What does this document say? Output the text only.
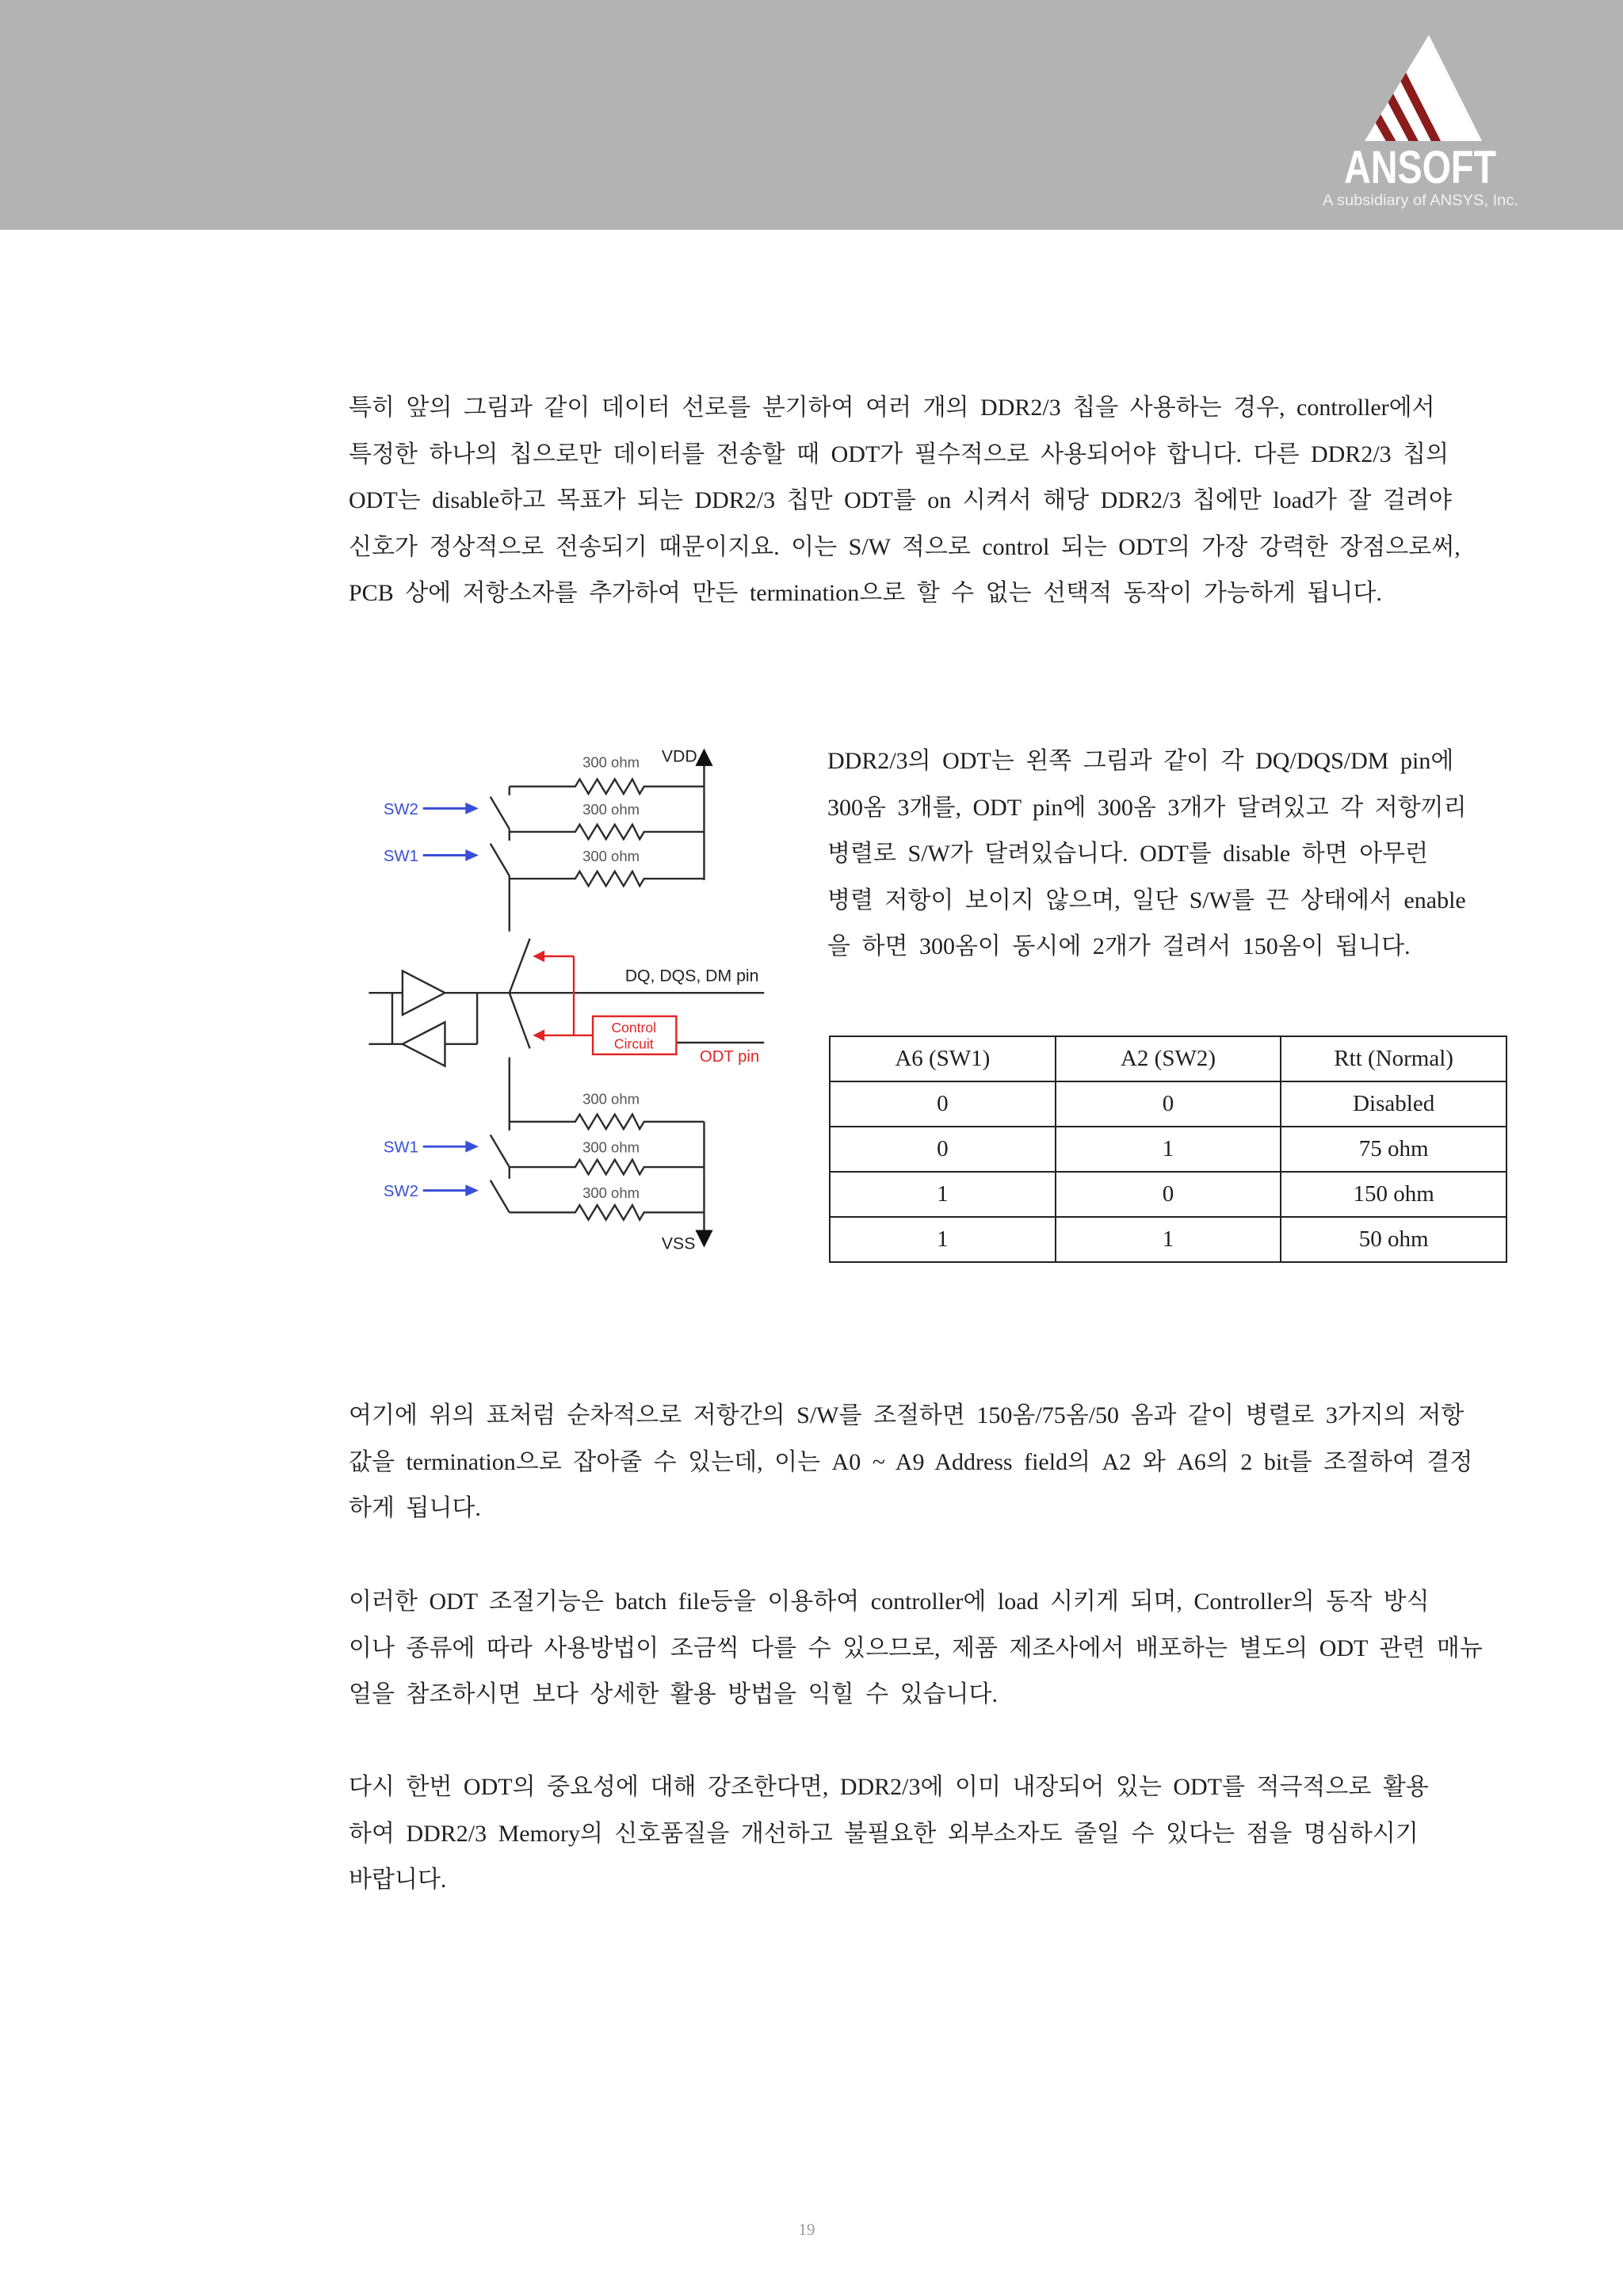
ANSOFT
A subsidiary of ANSYS, Inc.
특히 앞의 그림과 같이 데이터 선로를 분기하여 여러 개의 DDR2/3 칩을 사용하는 경우, controller에서
특정한 하나의 칩으로만 데이터를 전송할 때 ODT가 필수적으로 사용되어야 합니다. 다른 DDR2/3 칩의
ODT는 disable하고 목표가 되는 DDR2/3 칩만 ODT를 on 시켜서 해당 DDR2/3 칩에만 load가 잘 걸려야
신호가 정상적으로 전송되기 때문이지요. 이는 S/W 적으로 control 되는 ODT의 가장 강력한 장점으로써,
PCB 상에 저항소자를 추가하여 만든 termination으로 할 수 없는 선택적 동작이 가능하게 됩니다.
VDD
VSS
300 ohm
300 ohm
300 ohm
300 ohm
300 ohm
300 ohm
SW2
SW1
SW1
SW2
DQ, DQS, DM pin
Control
Circuit
ODT pin
DDR2/3의 ODT는 왼쪽 그림과 같이 각 DQ/DQS/DM pin에
300옴 3개를, ODT pin에 300옴 3개가 달려있고 각 저항끼리
병렬로 S/W가 달려있습니다. ODT를 disable 하면 아무런
병렬 저항이 보이지 않으며, 일단 S/W를 끈 상태에서 enable
을 하면 300옴이 동시에 2개가 걸려서 150옴이 됩니다.
A6 (SW1)	A2 (SW2)	Rtt (Normal)
0	0	Disabled
0	1	75 ohm
1	0	150 ohm
1	1	50 ohm
여기에 위의 표처럼 순차적으로 저항간의 S/W를 조절하면 150옴/75옴/50 옴과 같이 병렬로 3가지의 저항
값을 termination으로 잡아줄 수 있는데, 이는 A0 ~ A9 Address field의 A2 와 A6의 2 bit를 조절하여 결정
하게 됩니다.
이러한 ODT 조절기능은 batch file등을 이용하여 controller에 load 시키게 되며, Controller의 동작 방식
이나 종류에 따라 사용방법이 조금씩 다를 수 있으므로, 제품 제조사에서 배포하는 별도의 ODT 관련 매뉴
얼을 참조하시면 보다 상세한 활용 방법을 익힐 수 있습니다.
다시 한번 ODT의 중요성에 대해 강조한다면, DDR2/3에 이미 내장되어 있는 ODT를 적극적으로 활용
하여 DDR2/3 Memory의 신호품질을 개선하고 불필요한 외부소자도 줄일 수 있다는 점을 명심하시기
바랍니다.
19
